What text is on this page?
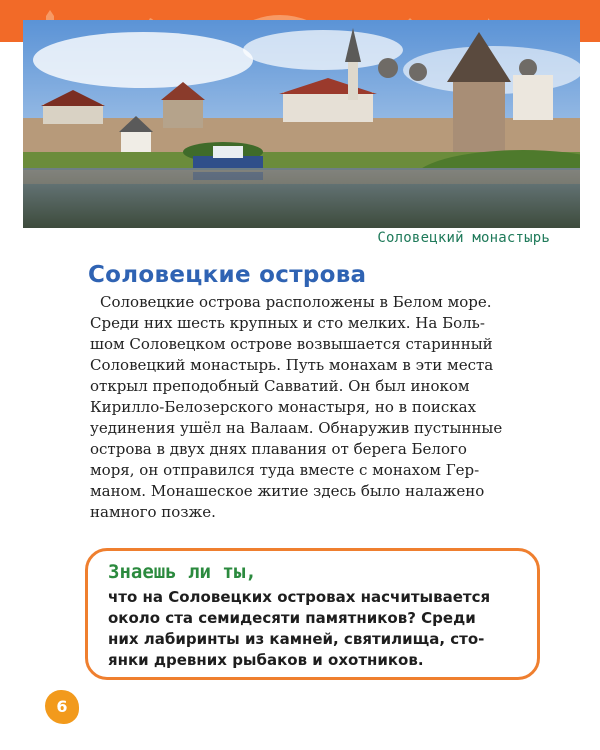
Соловецкий монастырь
Соловецкие острова

Соловецкие острова расположены в Белом море.

Среди них шесть крупных и сто мелких. На Боль-

шом Соловецком острове возвышается старинный

Соловецкий монастырь. Путь монахам в эти места

открыл преподобный Савватий. Он был иноком

Кирилло-Белозерского монастыря, но в поисках

уединения ушёл на Валаам. Обнаружив пустынные

острова в двух днях плавания от берега Белого

моря, он отправился туда вместе с монахом Гер-

маном. Монашеское житие здесь было налажено

намного позже.

Знаешь ли ты,

что на Соловецких островах насчитывается

около ста семидесяти памятников? Среди

них лабиринты из камней, святилища, сто-

янки древних рыбаков и охотников.

6
